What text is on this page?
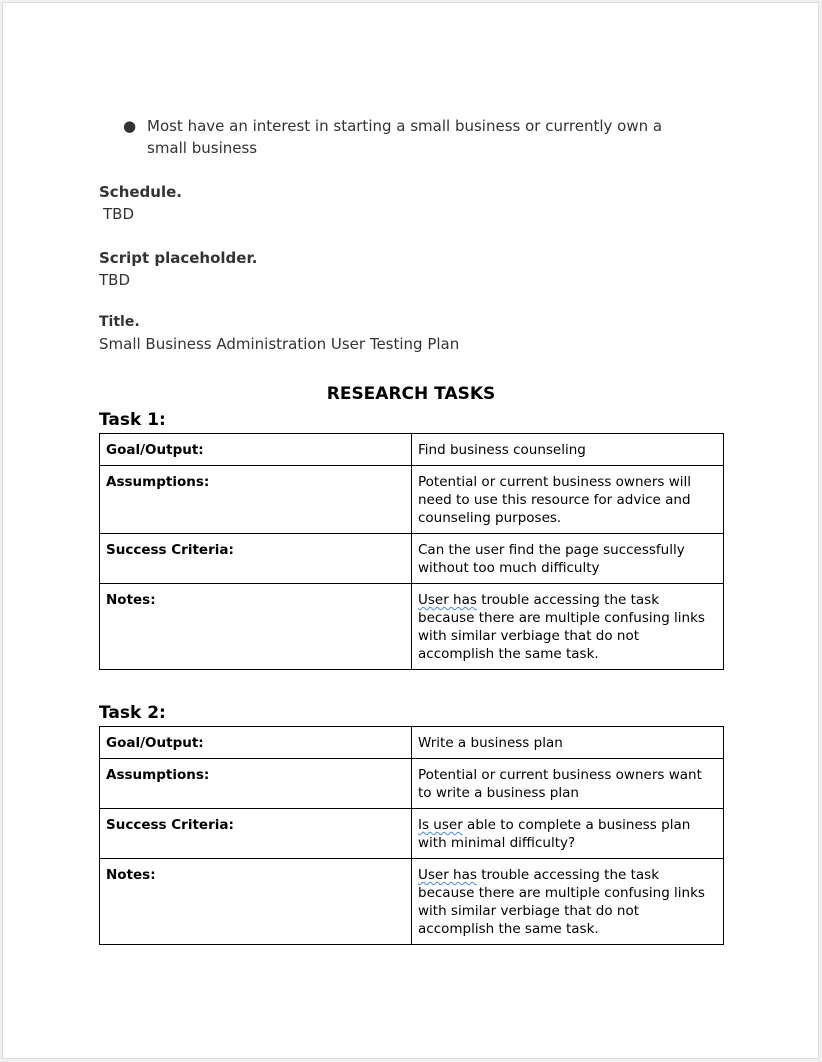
● Most have an interest in starting a small business or currently own a small business
Schedule.
TBD
Script placeholder.
TBD
Title.
Small Business Administration User Testing Plan
RESEARCH TASKS
Task 1:
Goal/Output:	Find business counseling
Assumptions:	Potential or current business owners will need to use this resource for advice and counseling purposes.
Success Criteria:	Can the user find the page successfully without too much difficulty
Notes:	User has trouble accessing the task because there are multiple confusing links with similar verbiage that do not accomplish the same task.
Task 2:
Goal/Output:	Write a business plan
Assumptions:	Potential or current business owners want to write a business plan
Success Criteria:	Is user able to complete a business plan with minimal difficulty?
Notes:	User has trouble accessing the task because there are multiple confusing links with similar verbiage that do not accomplish the same task.
